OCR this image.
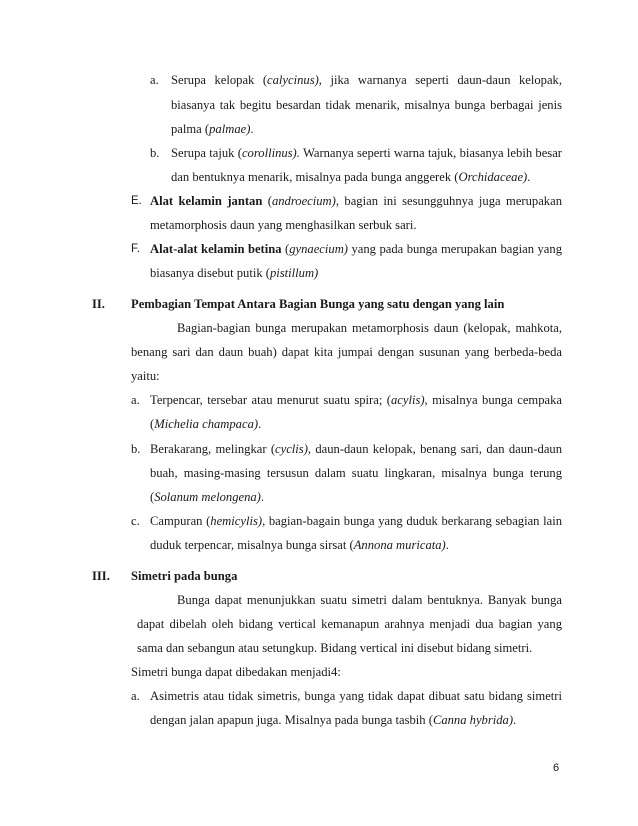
a. Serupa kelopak (calycinus), jika warnanya seperti daun-daun kelopak,
biasanya tak begitu besardan tidak menarik, misalnya bunga berbagai jenis
palma (palmae).
b. Serupa tajuk (corollinus). Warnanya seperti warna tajuk, biasanya lebih besar
dan bentuknya menarik, misalnya pada bunga anggerek (Orchidaceae).
E. Alat kelamin jantan (androecium), bagian ini sesungguhnya juga merupakan
metamorphosis daun yang menghasilkan serbuk sari.
F. Alat-alat kelamin betina (gynaecium) yang pada bunga merupakan bagian yang
biasanya disebut putik (pistillum)
II. Pembagian Tempat Antara Bagian Bunga yang satu dengan yang lain
Bagian-bagian bunga merupakan metamorphosis daun (kelopak, mahkota,
benang sari dan daun buah) dapat kita jumpai dengan susunan yang berbeda-beda
yaitu:
a. Terpencar, tersebar atau menurut suatu spira; (acylis), misalnya bunga cempaka
(Michelia champaca).
b. Berakarang, melingkar (cyclis), daun-daun kelopak, benang sari, dan daun-daun
buah, masing-masing tersusun dalam suatu lingkaran, misalnya bunga terung
(Solanum melongena).
c. Campuran (hemicylis), bagian-bagain bunga yang duduk berkarang sebagian lain
duduk terpencar, misalnya bunga sirsat (Annona muricata).
III. Simetri pada bunga
Bunga dapat menunjukkan suatu simetri dalam bentuknya. Banyak bunga
dapat dibelah oleh bidang vertical kemanapun arahnya menjadi dua bagian yang
sama dan sebangun atau setungkup. Bidang vertical ini disebut bidang simetri.
Simetri bunga dapat dibedakan menjadi4:
a. Asimetris atau tidak simetris, bunga yang tidak dapat dibuat satu bidang simetri
dengan jalan apapun juga. Misalnya pada bunga tasbih (Canna hybrida).
6
